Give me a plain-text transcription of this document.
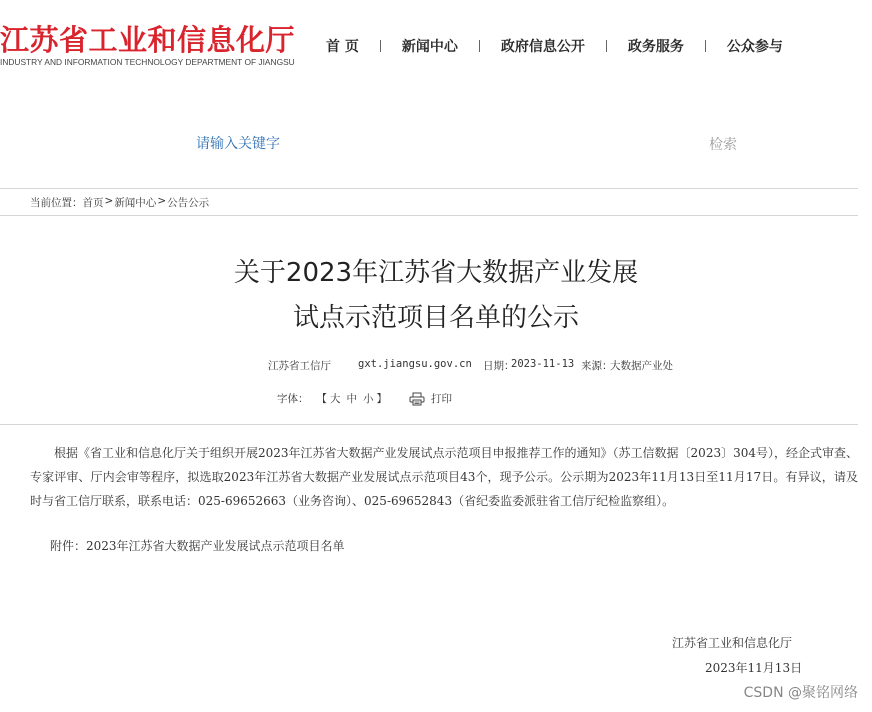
江苏省工业和信息化厅
INDUSTRY AND INFORMATION TECHNOLOGY DEPARTMENT OF JIANGSU
首 页	新闻中心	政府信息公开	政务服务	公众参与
请输入关键字
检索
当前位置： 首页 > 新闻中心 > 公告公示
关于2023年江苏省大数据产业发展
试点示范项目名单的公示
江苏省工信厅	gxt.jiangsu.gov.cn 日期：
2023-11-13 来源：
大数据产业处
字体： 【 大 中 小 】	打印

根据《省工业和信息化厅关于组织开展2023年江苏省大数据产业发展试点示范项目申报推荐工作的通知》（苏工信数据〔2023〕304号），经企式审查、专家评审、厅内会审等程序，拟选取2023年江苏省大数据产业发展试点示范项目43个，现予公示。公示期为2023年11月13日至11月17日。有异议，请及时与省工信厅联系，联系电话：025-69652663（业务咨询）、025-69652843（省纪委监委派驻省工信厅纪检监察组）。

附件：2023年江苏省大数据产业发展试点示范项目名单
江苏省工业和信息化厅
2023年11月13日
CSDN @聚铭网络
